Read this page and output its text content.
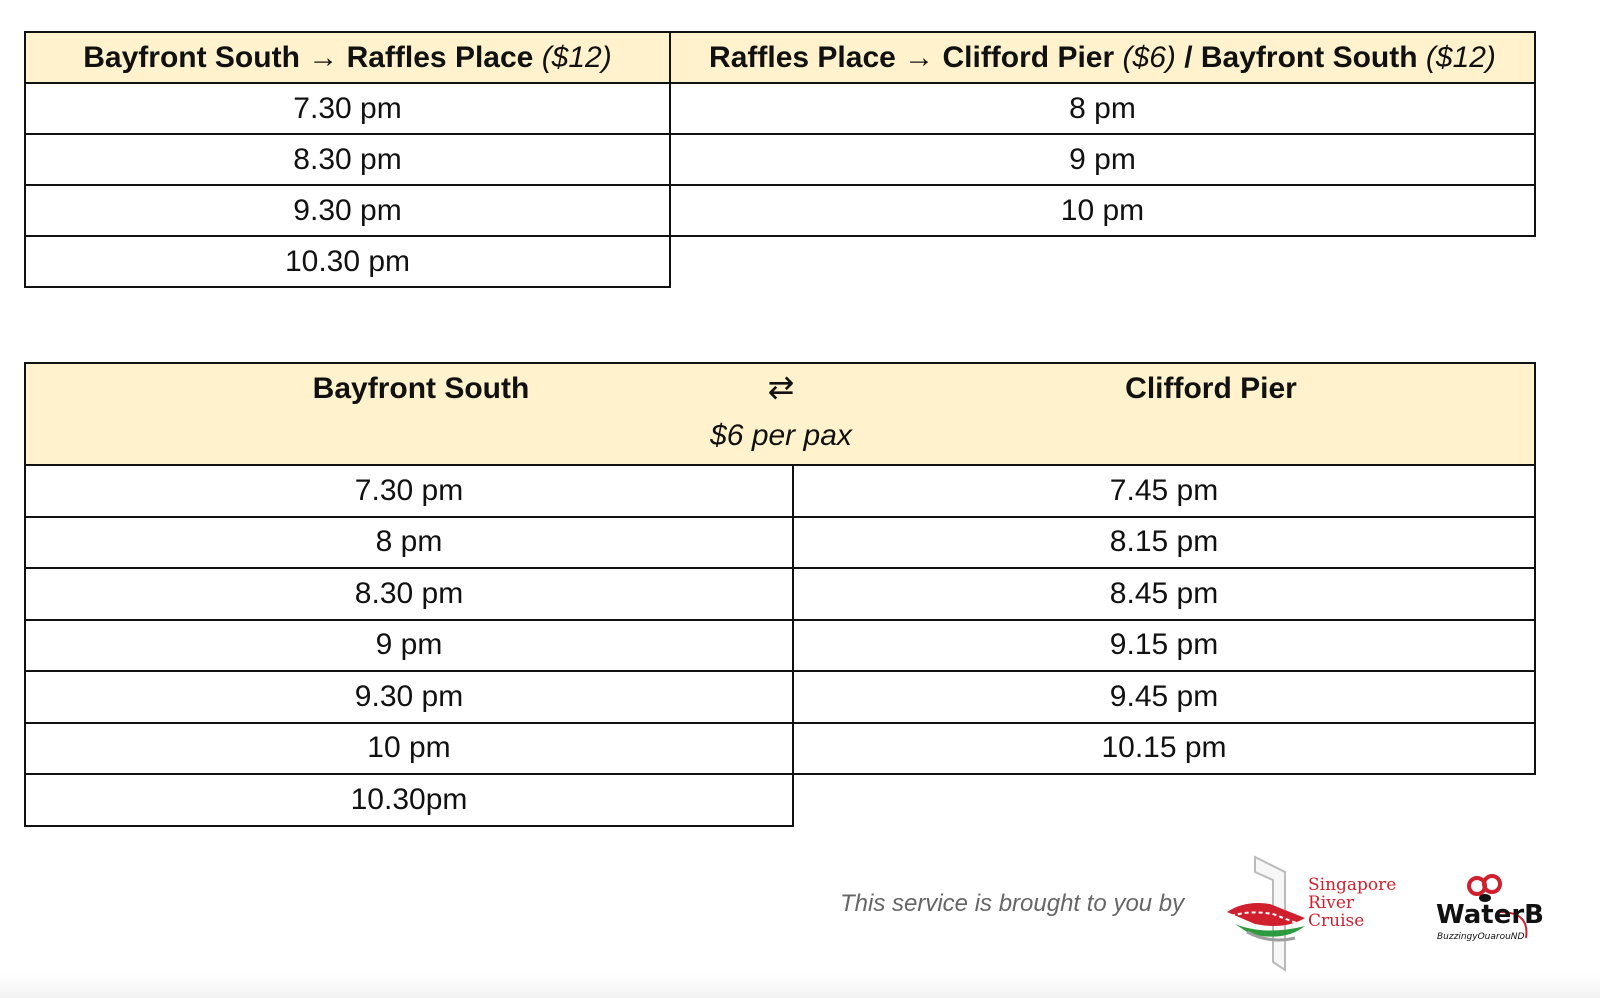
Bayfront South → Raffles Place ($12)	Raffles Place → Clifford Pier ($6) / Bayfront South ($12)
7.30 pm	8 pm
8.30 pm	9 pm
9.30 pm	10 pm
10.30 pm	
Bayfront South ⇄ Clifford Pier
$6 per pax	

7.30 pm	7.45 pm
8 pm	8.15 pm
8.30 pm	8.45 pm
9 pm	9.15 pm
9.30 pm	9.45 pm
10 pm	10.15 pm
10.30pm	
This service is brought to you by
Singapore
River
Cruise	WaterB
BuzzingyOuarouND
